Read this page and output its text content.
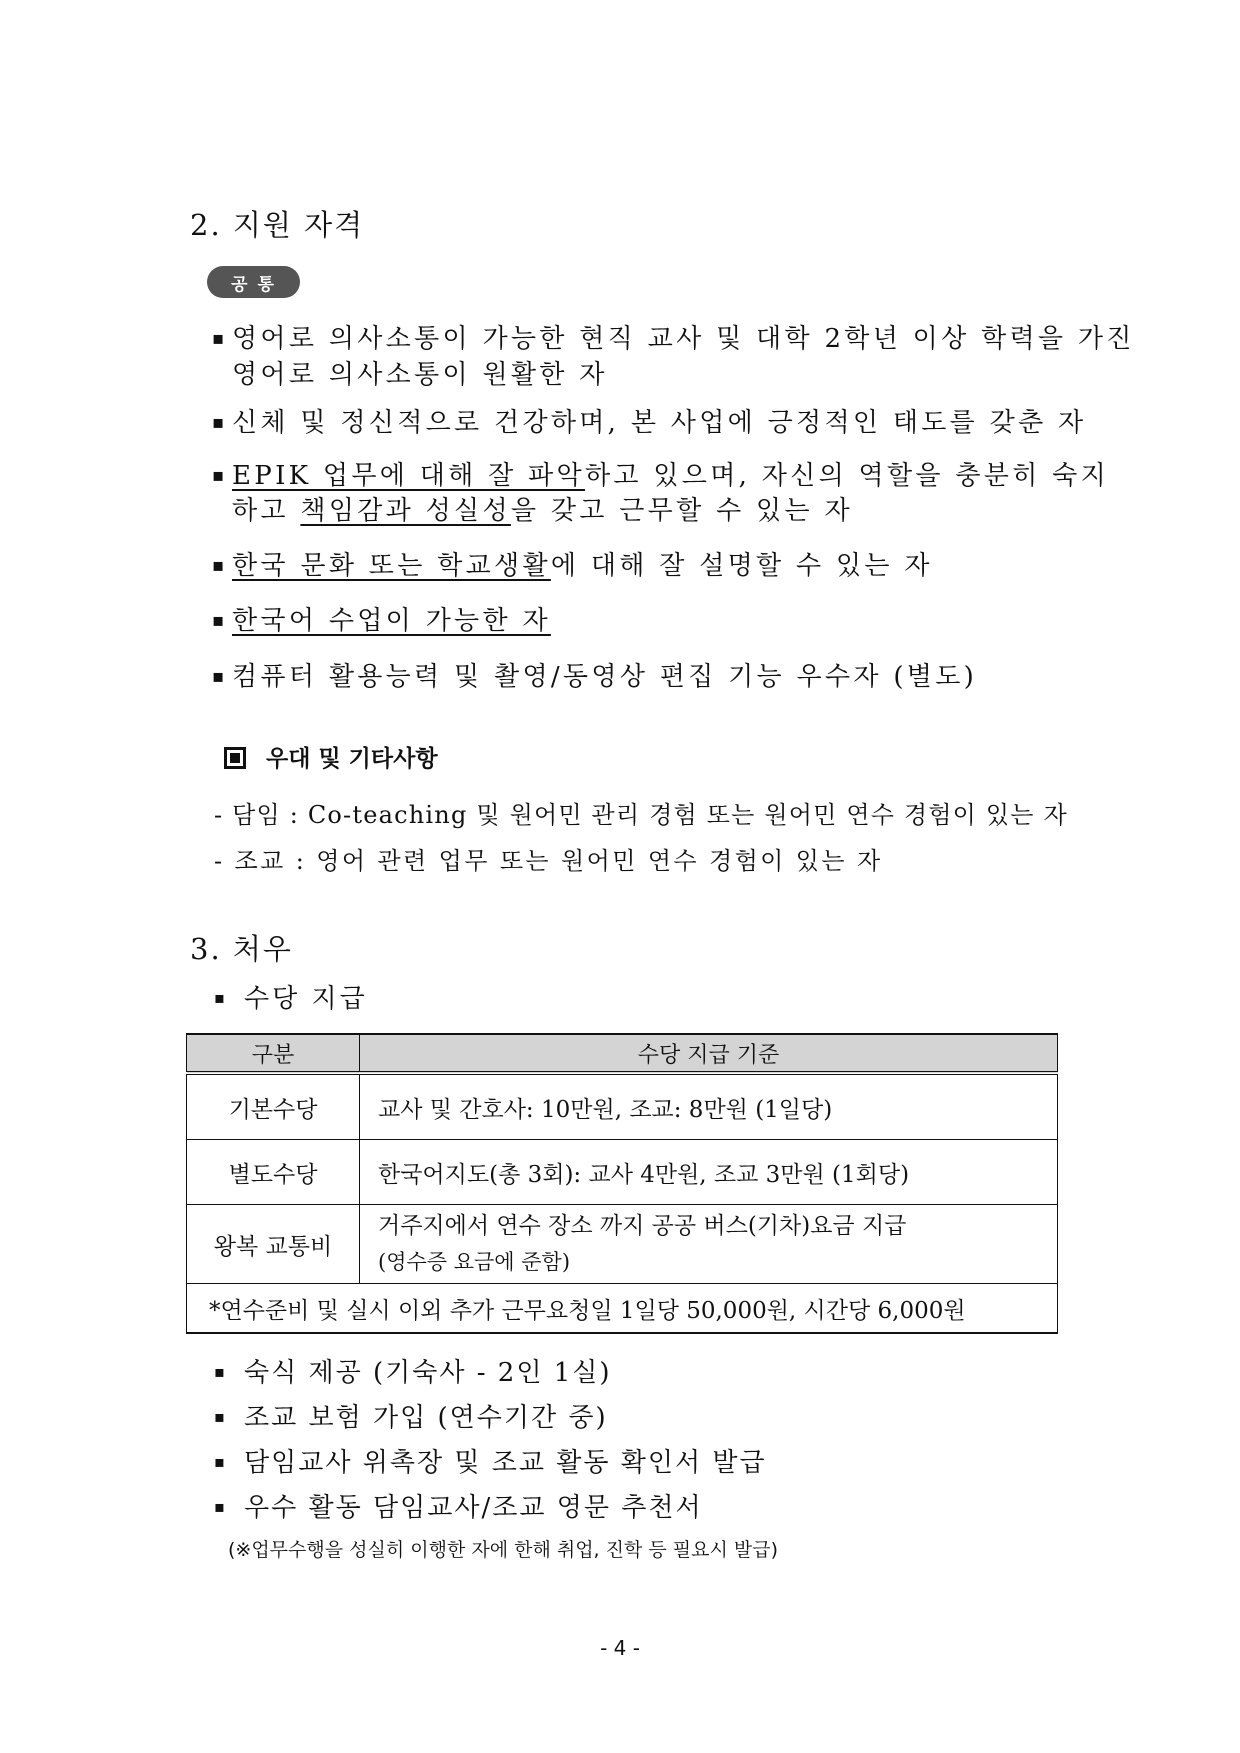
2. 지원 자격
공통
▪ 영어로 의사소통이 가능한 현직 교사 및 대학 2학년 이상 학력을 가진
영어로 의사소통이 원활한 자
▪ 신체 및 정신적으로 건강하며, 본 사업에 긍정적인 태도를 갖춘 자
▪ EPIK 업무에 대해 잘 파악하고 있으며, 자신의 역할을 충분히 숙지
하고 책임감과 성실성을 갖고 근무할 수 있는 자
▪ 한국 문화 또는 학교생활에 대해 잘 설명할 수 있는 자
▪ 한국어 수업이 가능한 자
▪ 컴퓨터 활용능력 및 촬영/동영상 편집 기능 우수자 (별도)
우대 및 기타사항
- 담임 : Co-teaching 및 원어민 관리 경험 또는 원어민 연수 경험이 있는 자
- 조교 : 영어 관련 업무 또는 원어민 연수 경험이 있는 자
3. 처우
▪ 수당 지급
구분	수당 지급 기준
기본수당	교사 및 간호사: 10만원, 조교: 8만원 (1일당)
별도수당	한국어지도(총 3회): 교사 4만원, 조교 3만원 (1회당)
왕복 교통비	거주지에서 연수 장소 까지 공공 버스(기차)요금 지급
(영수증 요금에 준함)

*연수준비 및 실시 이외 추가 근무요청일 1일당 50,000원, 시간당 6,000원	
▪ 숙식 제공 (기숙사 - 2인 1실)
▪ 조교 보험 가입 (연수기간 중)
▪ 담임교사 위촉장 및 조교 활동 확인서 발급
▪ 우수 활동 담임교사/조교 영문 추천서
(※업무수행을 성실히 이행한 자에 한해 취업, 진학 등 필요시 발급)
- 4 -
